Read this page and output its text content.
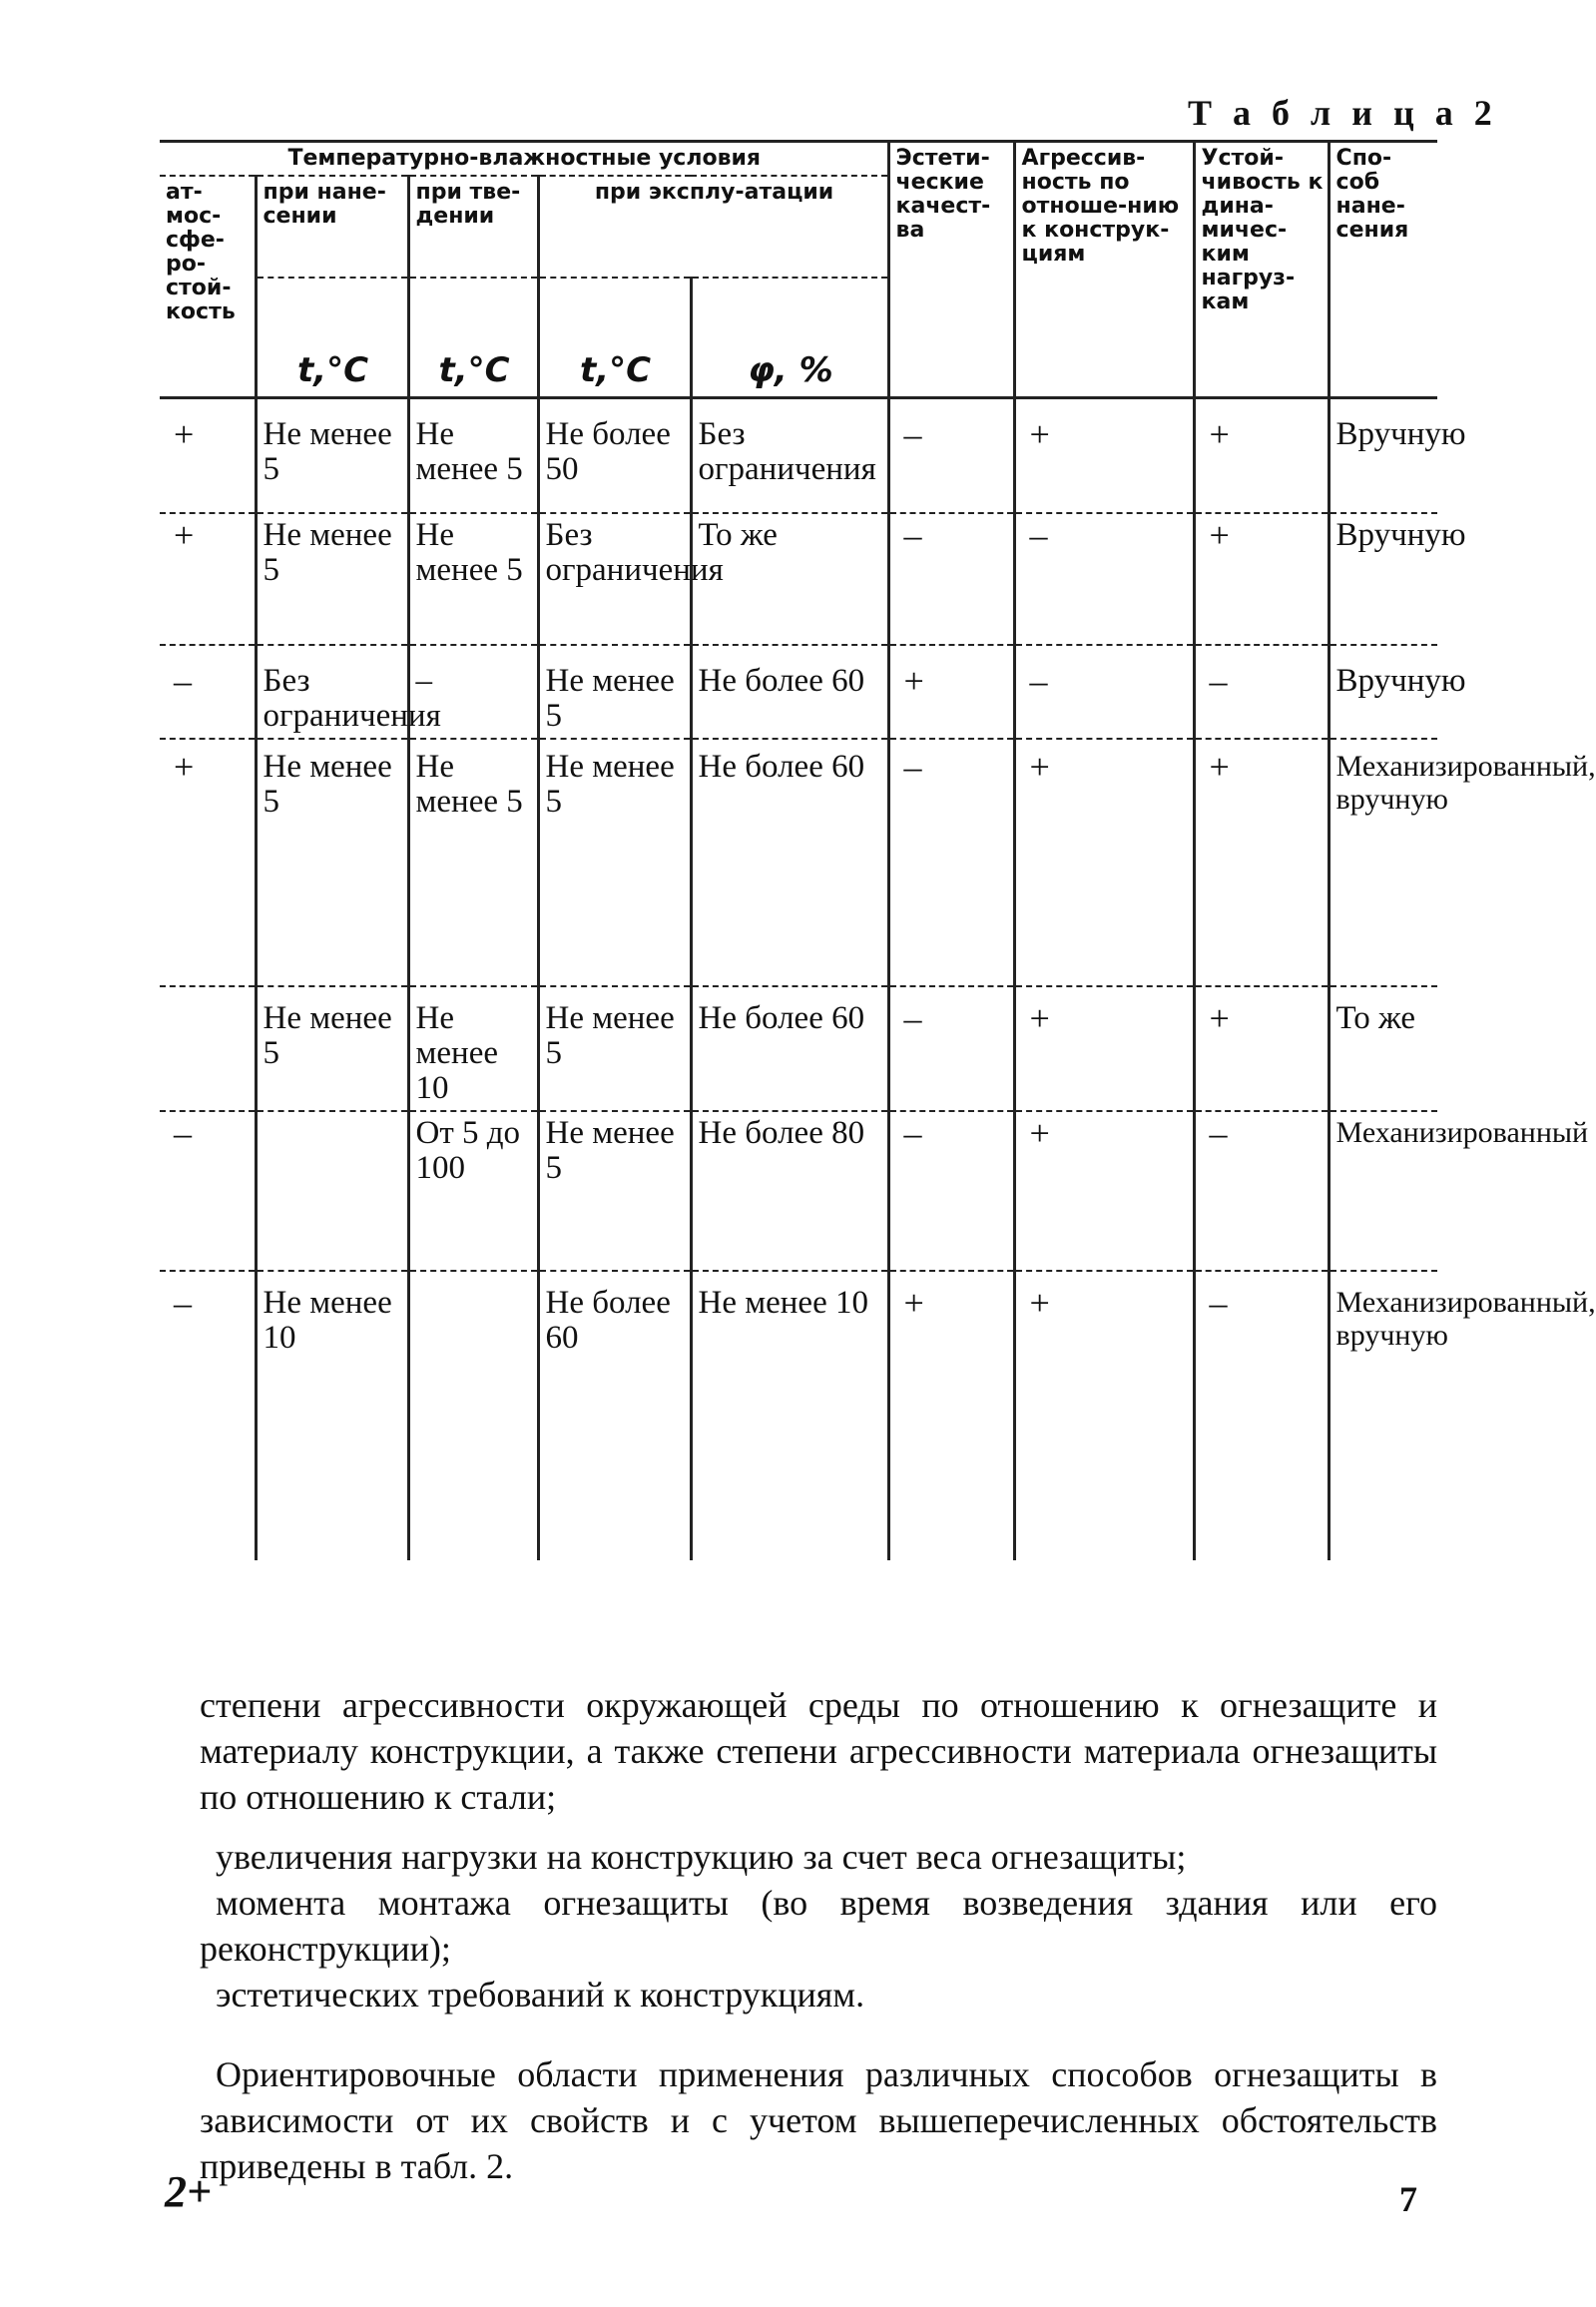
Т а б л и ц а 2
Температурно-влажностные условия					Эстети-ческие качест-ва	Агрессив-ность по отноше-нию к конструк-циям	Устой-чивость к дина-мичес-ким нагруз-кам	Спо-соб нане-сения
ат-мос-сфе-ро-стой-кость	при нане-сении	при тве-дении	при эксплу-атации					
	t,°C	t,°C	t,°C	φ, %				
+	Не менее 5	Не менее 5	Не более 50	Без ограничения	–	+	+	Вручную
+	Не менее 5	Не менее 5	Без ограничения	То же	–	–	+	Вручную
–	Без ограничения	–	Не менее 5	Не более 60	+	–	–	Вручную
+	Не менее 5	Не менее 5	Не менее 5	Не более 60	–	+	+	Механизированный, вручную
	Не менее 5	Не менее 10	Не менее 5	Не более 60	–	+	+	То же
–		От 5 до 100	Не менее 5	Не более 80	–	+	–	Механизированный
–	Не менее 10		Не более 60	Не менее 10	+	+	–	Механизированный, вручную

степени агрессивности окружающей среды по отношению к огнезащите и материалу конструкции, а также степени агрессивности материала огнезащиты по отношению к стали;

увеличения нагрузки на конструкцию за счет веса огнезащиты;

момента монтажа огнезащиты (во время возведения здания или его реконструкции);

эстетических требований к конструкциям.

Ориентировочные области применения различных способов огнезащиты в зависимости от их свойств и с учетом вышеперечисленных обстоятельств приведены в табл. 2.

2+	7
